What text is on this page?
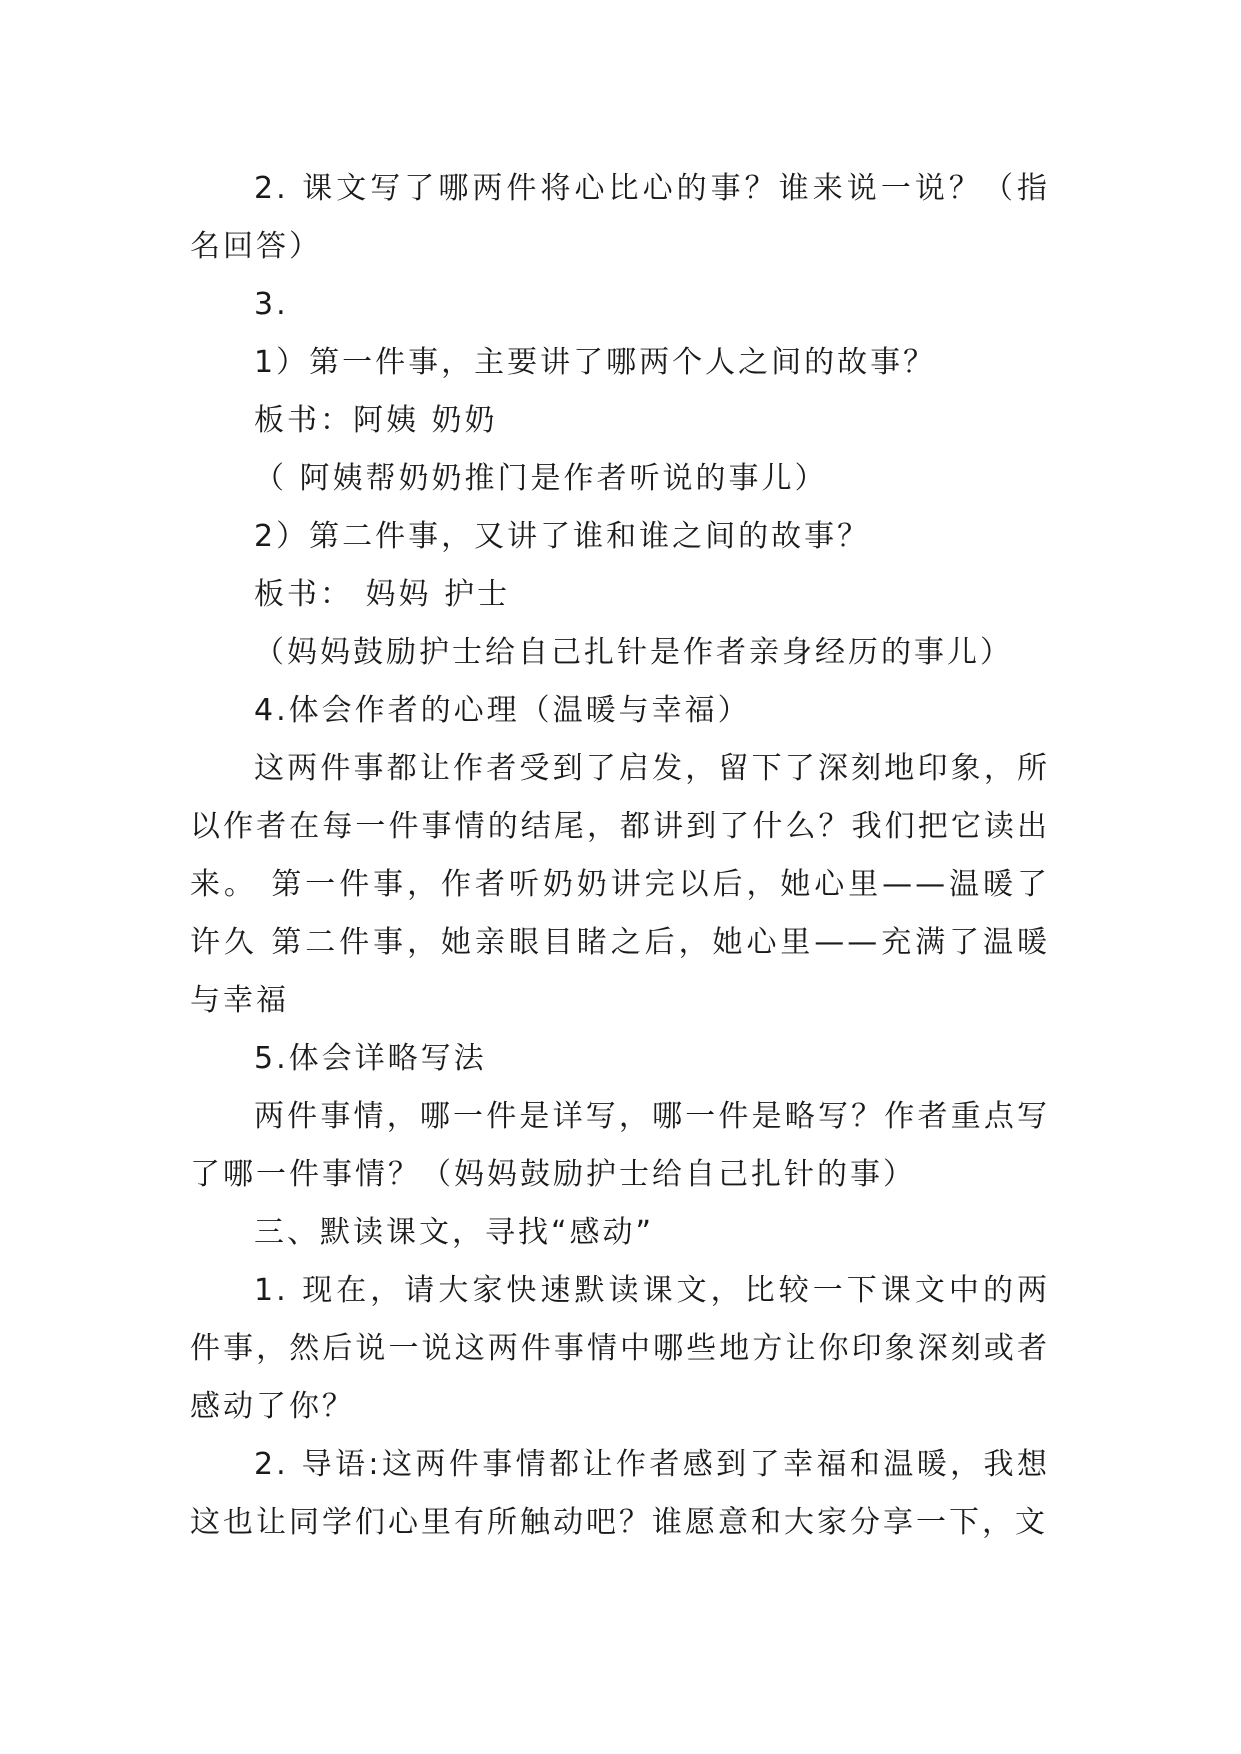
2. 课文写了哪两件将心比心的事？谁来说一说？（指名回答）

3.

1）第一件事，主要讲了哪两个人之间的故事？

板书：阿姨 奶奶

（ 阿姨帮奶奶推门是作者听说的事儿）

2）第二件事，又讲了谁和谁之间的故事？

板书： 妈妈 护士

（妈妈鼓励护士给自己扎针是作者亲身经历的事儿）

4.体会作者的心理（温暖与幸福）

这两件事都让作者受到了启发，留下了深刻地印象，所以作者在每一件事情的结尾，都讲到了什么？我们把它读出来。 第一件事，作者听奶奶讲完以后，她心里——温暖了许久 第二件事，她亲眼目睹之后，她心里——充满了温暖与幸福

5.体会详略写法

两件事情，哪一件是详写，哪一件是略写？作者重点写了哪一件事情？（妈妈鼓励护士给自己扎针的事）

三、默读课文，寻找“感动”

1. 现在，请大家快速默读课文，比较一下课文中的两件事，然后说一说这两件事情中哪些地方让你印象深刻或者感动了你？

2. 导语:这两件事情都让作者感到了幸福和温暖，我想这也让同学们心里有所触动吧？谁愿意和大家分享一下，文
